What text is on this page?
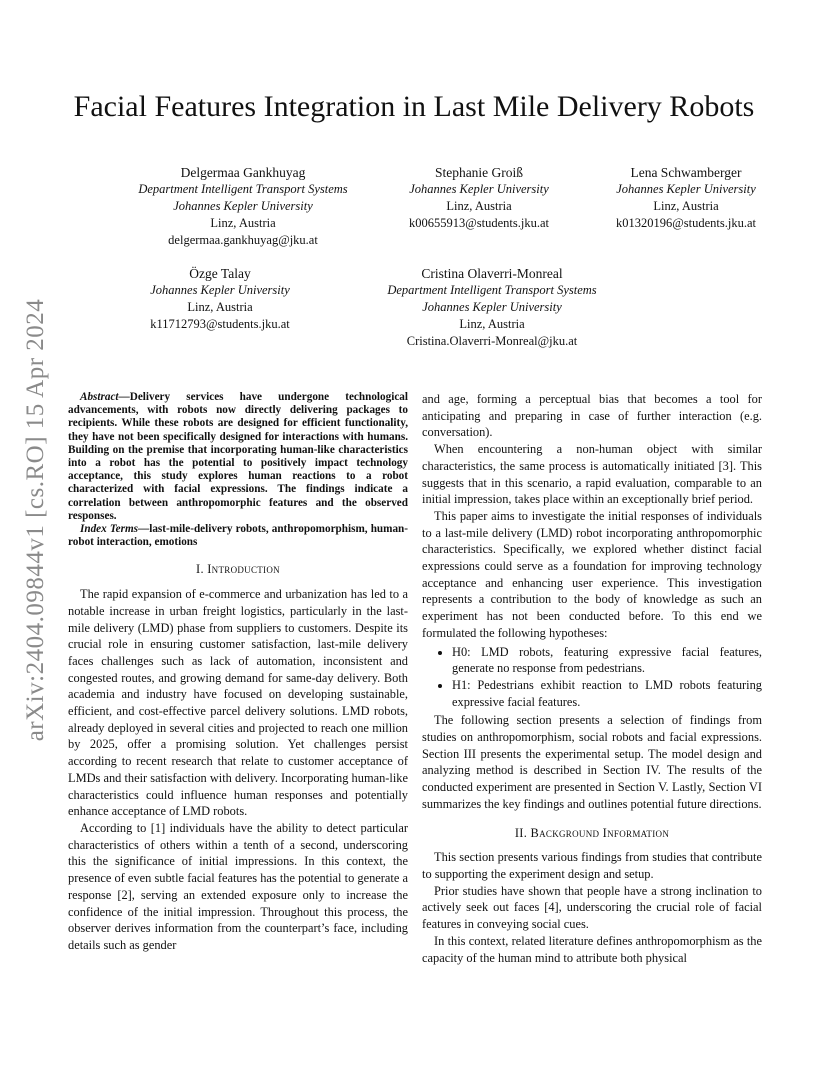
arXiv:2404.09844v1 [cs.RO] 15 Apr 2024
Facial Features Integration in Last Mile Delivery Robots
Delgermaa Gankhuyag
Department Intelligent Transport Systems
Johannes Kepler University
Linz, Austria
delgermaa.gankhuyag@jku.at
Stephanie Groiß
Johannes Kepler University
Linz, Austria
k00655913@students.jku.at
Lena Schwamberger
Johannes Kepler University
Linz, Austria
k01320196@students.jku.at
Özge Talay
Johannes Kepler University
Linz, Austria
k11712793@students.jku.at
Cristina Olaverri-Monreal
Department Intelligent Transport Systems
Johannes Kepler University
Linz, Austria
Cristina.Olaverri-Monreal@jku.at

Abstract—Delivery services have undergone technological advancements, with robots now directly delivering packages to recipients. While these robots are designed for efficient functionality, they have not been specifically designed for interactions with humans. Building on the premise that incorporating human-like characteristics into a robot has the potential to positively impact technology acceptance, this study explores human reactions to a robot characterized with facial expressions. The findings indicate a correlation between anthropomorphic features and the observed responses.

Index Terms—last-mile-delivery robots, anthropomorphism, human-robot interaction, emotions

I. Introduction

The rapid expansion of e-commerce and urbanization has led to a notable increase in urban freight logistics, particularly in the last-mile delivery (LMD) phase from suppliers to customers. Despite its crucial role in ensuring customer satisfaction, last-mile delivery faces challenges such as lack of automation, inconsistent and congested routes, and growing demand for same-day delivery. Both academia and industry have focused on developing sustainable, efficient, and cost-effective parcel delivery solutions. LMD robots, already deployed in several cities and projected to reach one million by 2025, offer a promising solution. Yet challenges persist according to recent research that relate to customer acceptance of LMDs and their satisfaction with delivery. Incorporating human-like characteristics could influence human responses and potentially enhance acceptance of LMD robots.

According to [1] individuals have the ability to detect particular characteristics of others within a tenth of a second, underscoring this the significance of initial impressions. In this context, the presence of even subtle facial features has the potential to generate a response [2], serving an extended exposure only to increase the confidence of the initial impression. Throughout this process, the observer derives information from the counterpart’s face, including details such as gender

and age, forming a perceptual bias that becomes a tool for anticipating and preparing in case of further interaction (e.g. conversation).

When encountering a non-human object with similar characteristics, the same process is automatically initiated [3]. This suggests that in this scenario, a rapid evaluation, comparable to an initial impression, takes place within an exceptionally brief period.

This paper aims to investigate the initial responses of individuals to a last-mile delivery (LMD) robot incorporating anthropomorphic characteristics. Specifically, we explored whether distinct facial expressions could serve as a foundation for improving technology acceptance and enhancing user experience. This investigation represents a contribution to the body of knowledge as such an experiment has not been conducted before. To this end we formulated the following hypotheses:

• H0: LMD robots, featuring expressive facial features, generate no response from pedestrians.
• H1: Pedestrians exhibit reaction to LMD robots featuring expressive facial features.

The following section presents a selection of findings from studies on anthropomorphism, social robots and facial expressions. Section III presents the experimental setup. The model design and analyzing method is described in Section IV. The results of the conducted experiment are presented in Section V. Lastly, Section VI summarizes the key findings and outlines potential future directions.

II. Background Information

This section presents various findings from studies that contribute to supporting the experiment design and setup.

Prior studies have shown that people have a strong inclination to actively seek out faces [4], underscoring the crucial role of facial features in conveying social cues.

In this context, related literature defines anthropomorphism as the capacity of the human mind to attribute both physical
